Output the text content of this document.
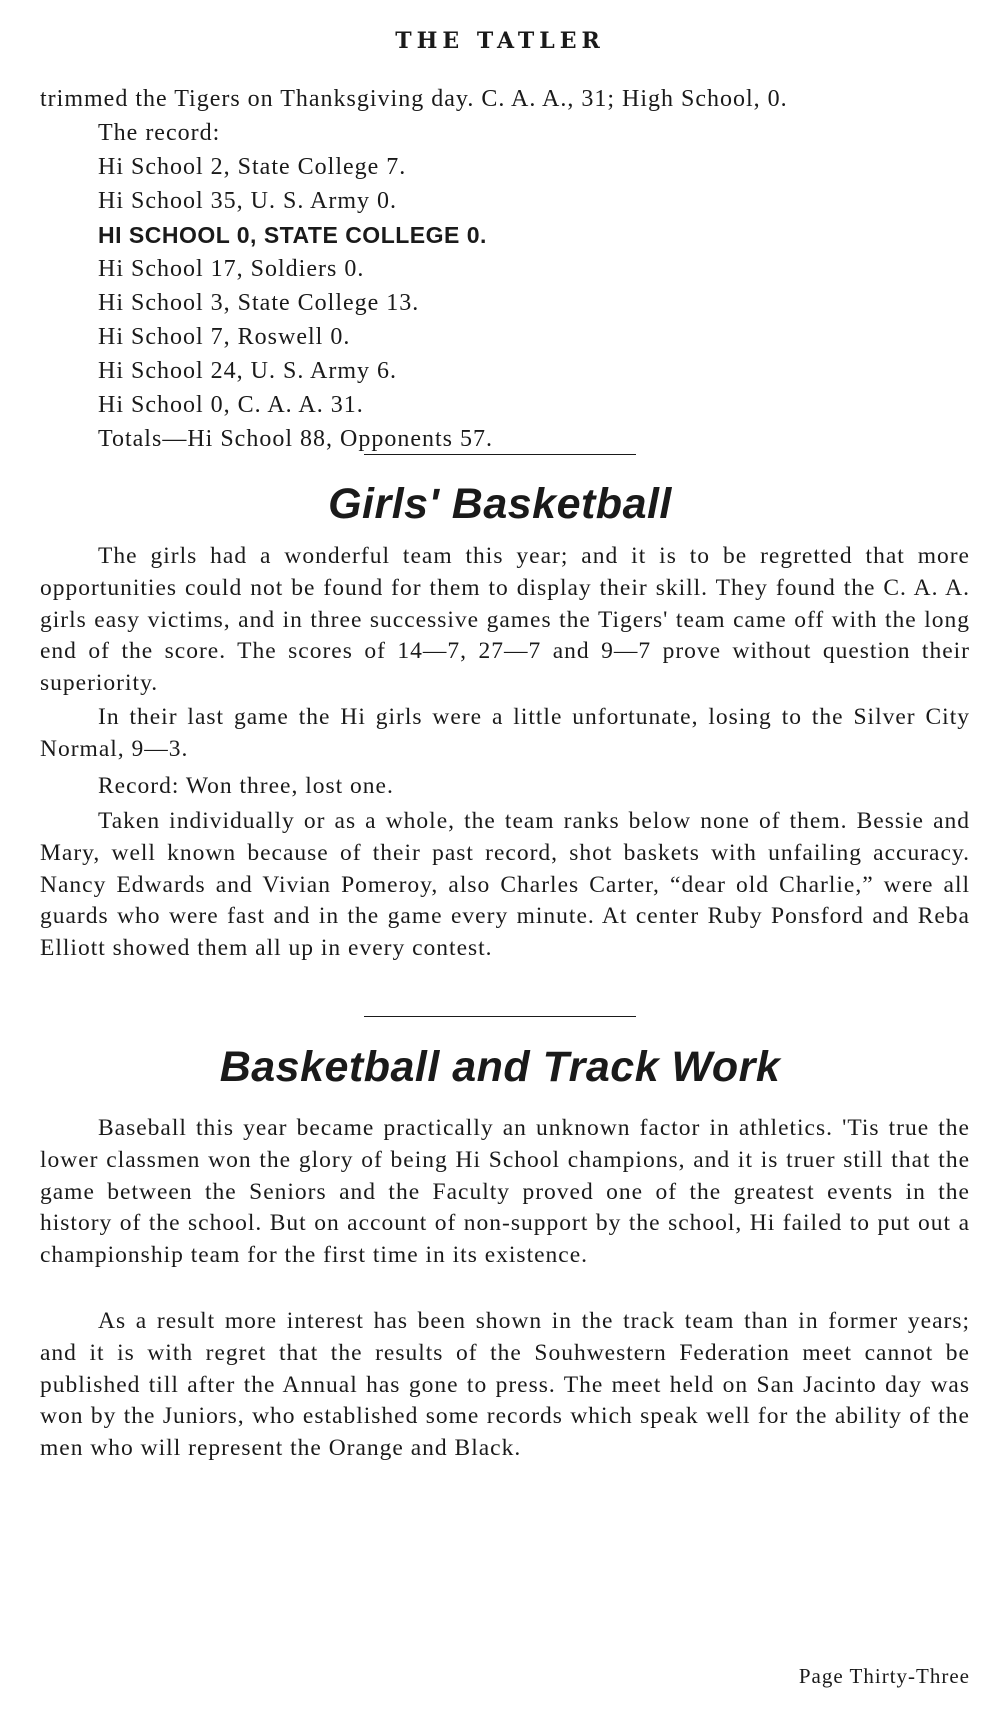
THE TATLER
trimmed the Tigers on Thanksgiving day. C. A. A., 31; High School, 0.
The record:
Hi School 2, State College 7.
Hi School 35, U. S. Army 0.
HI SCHOOL 0, STATE COLLEGE 0.
Hi School 17, Soldiers 0.
Hi School 3, State College 13.
Hi School 7, Roswell 0.
Hi School 24, U. S. Army 6.
Hi School 0, C. A. A. 31.
Totals—Hi School 88, Opponents 57.
Girls' Basketball

The girls had a wonderful team this year; and it is to be regretted that more opportunities could not be found for them to display their skill. They found the C. A. A. girls easy victims, and in three successive games the Tigers' team came off with the long end of the score. The scores of 14—7, 27—7 and 9—7 prove without question their superiority.

In their last game the Hi girls were a little unfortunate, losing to the Silver City Normal, 9—3.

Record: Won three, lost one.

Taken individually or as a whole, the team ranks below none of them. Bessie and Mary, well known because of their past record, shot baskets with unfailing accuracy. Nancy Edwards and Vivian Pomeroy, also Charles Carter, “dear old Charlie,” were all guards who were fast and in the game every minute. At center Ruby Ponsford and Reba Elliott showed them all up in every contest.

Basketball and Track Work

Baseball this year became practically an unknown factor in athletics. 'Tis true the lower classmen won the glory of being Hi School champions, and it is truer still that the game between the Seniors and the Faculty proved one of the greatest events in the history of the school. But on account of non-support by the school, Hi failed to put out a championship team for the first time in its existence.

As a result more interest has been shown in the track team than in former years; and it is with regret that the results of the Souhwestern Federation meet cannot be published till after the Annual has gone to press. The meet held on San Jacinto day was won by the Juniors, who established some records which speak well for the ability of the men who will represent the Orange and Black.

Page Thirty-Three
